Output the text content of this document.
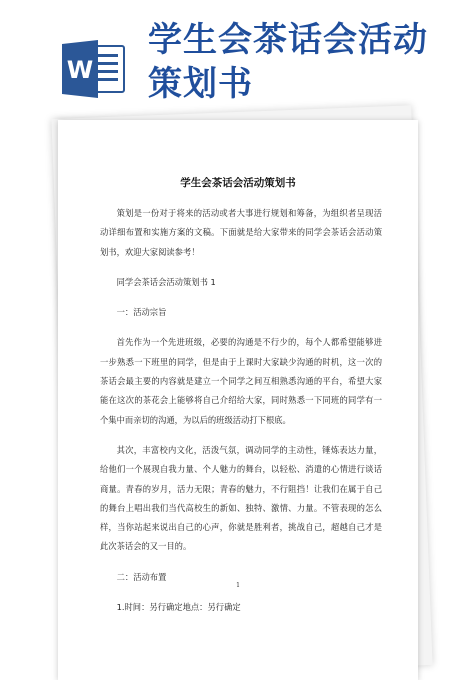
W
学生会茶话会活动
策划书
学生会茶话会活动策划书

策划是一份对于将来的活动或者大事进行规划和筹备，为组织者呈现活动详细布置和实施方案的文稿。下面就是给大家带来的同学会茶话会活动策划书，欢迎大家阅读参考！

同学会茶话会活动策划书 1

一：活动宗旨

首先作为一个先进班级，必要的沟通是不行少的，每个人都希望能够进一步熟悉一下班里的同学，但是由于上课时大家缺少沟通的时机，这一次的茶话会最主要的内容就是建立一个同学之间互相熟悉沟通的平台，希望大家能在这次的茶花会上能够将自己介绍给大家，同时熟悉一下同班的同学有一个集中而亲切的沟通，为以后的班级活动打下根底。

其次，丰富校内文化，活泼气氛，调动同学的主动性，锤炼表达力量，给他们一个展现自我力量、个人魅力的舞台，以轻松、消遣的心情进行谈话商量。青春的岁月，活力无限；青春的魅力，不行阻挡！让我们在属于自己的舞台上唱出我们当代高校生的新如、独特、激情、力量。不管表现的怎么样，当你站起来说出自己的心声，你就是胜利者，挑战自己，超越自己才是此次茶话会的又一目的。

二：活动布置

1.时间：另行确定地点：另行确定

1
